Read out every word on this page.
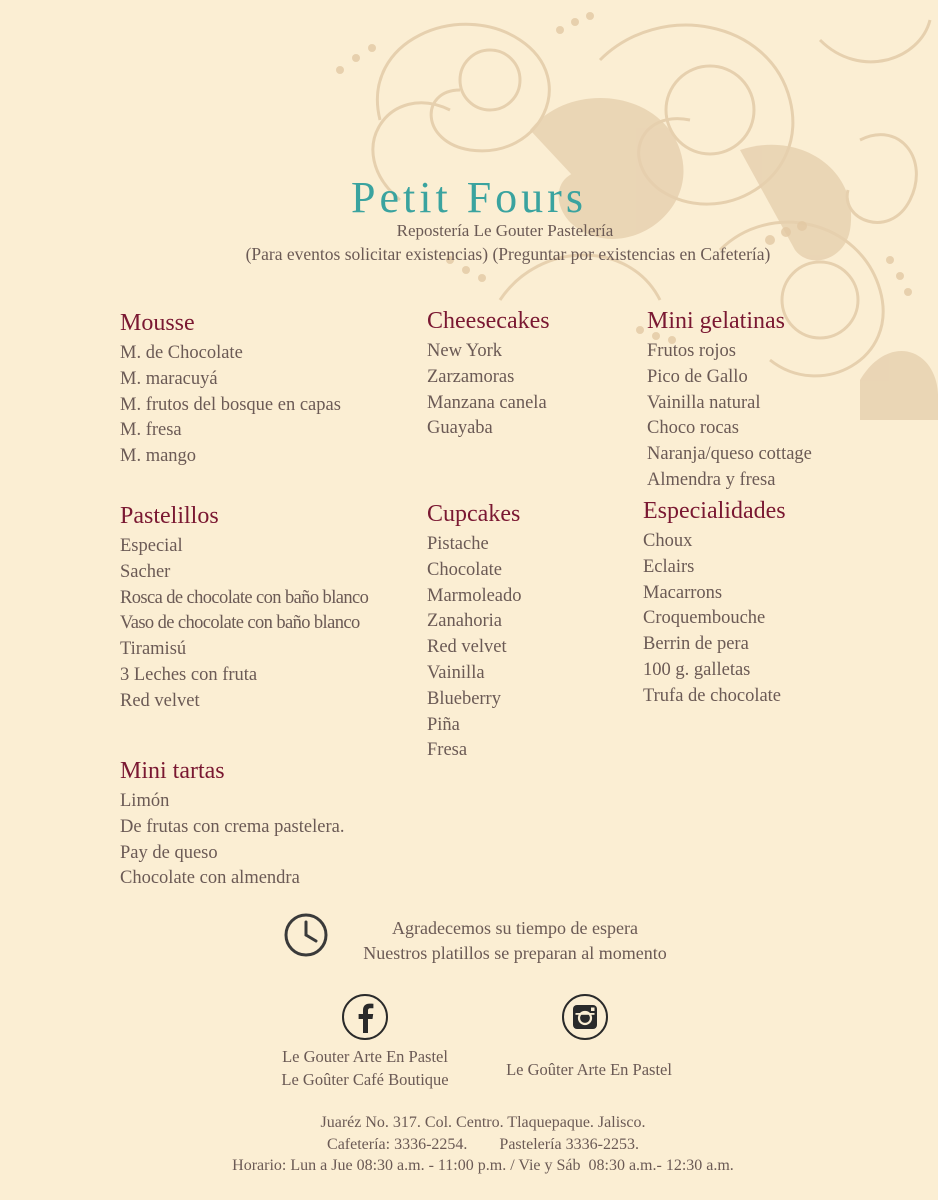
Petit Fours
Repostería Le Gouter Pastelería
(Para eventos solicitar existencias) (Preguntar por existencias en Cafetería)
Mousse
M. de Chocolate
M. maracuyá
M. frutos del bosque en capas
M. fresa
M. mango
Pastelillos
Especial
Sacher
Rosca de chocolate con baño blanco
Vaso de chocolate con baño blanco
Tiramisú
3 Leches con fruta
Red velvet
Mini tartas
Limón
De frutas con crema pastelera.
Pay de queso
Chocolate con almendra
Cheesecakes
New York
Zarzamoras
Manzana canela
Guayaba
Cupcakes
Pistache
Chocolate
Marmoleado
Zanahoria
Red velvet
Vainilla
Blueberry
Piña
Fresa
Mini gelatinas
Frutos rojos
Pico de Gallo
Vainilla natural
Choco rocas
Naranja/queso cottage
Almendra y fresa
Especialidades
Choux
Eclairs
Macarrons
Croquembouche
Berrin de pera
100 g. galletas
Trufa de chocolate
Agradecemos su tiempo de espera
Nuestros platillos se preparan al momento
Le Gouter Arte En Pastel
Le Goûter Café Boutique
Le Goûter Arte En Pastel
Juaréz No. 317. Col. Centro. Tlaquepaque. Jalisco.
Cafetería: 3336-2254.        Pastelería 3336-2253.
Horario: Lun a Jue 08:30 a.m. - 11:00 p.m. / Vie y Sáb  08:30 a.m.- 12:30 a.m.
